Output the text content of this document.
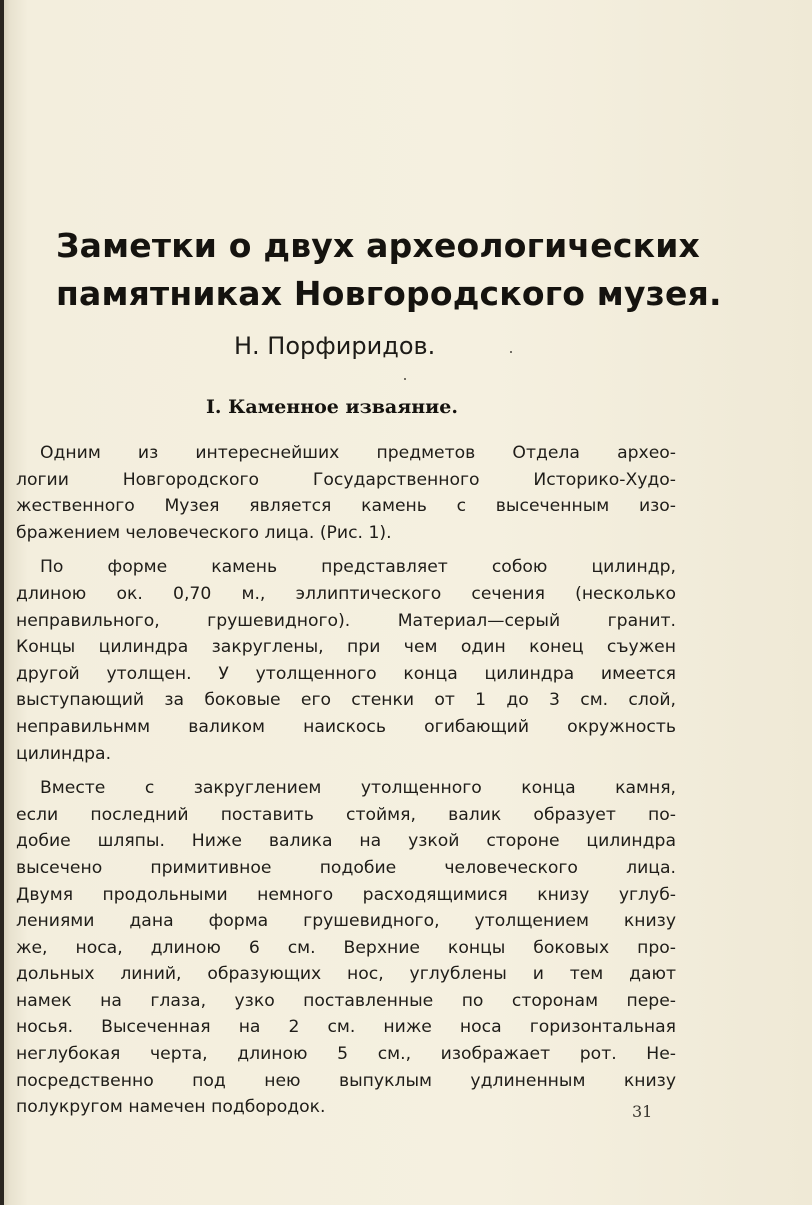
Заметки о двух археологических
памятниках Новгородского музея.
Н. Порфиридов.
I. Каменное изваяние.
Одним из интереснейших предметов Отдела архео-
логии Новгородского Государственного Историко-Худо-
жественного Музея является камень с высеченным изо-
бражением человеческого лица. (Рис. 1).
По форме камень представляет собою цилиндр,
длиною ок. 0,70 м., эллиптического сечения (несколько
неправильного, грушевидного). Материал—серый гранит.
Концы цилиндра закруглены, при чем один конец съужен
другой утолщен. У утолщенного конца цилиндра имеется
выступающий за боковые его стенки от 1 до 3 см. слой,
неправильнмм валиком наискось огибающий окружность
цилиндра.
Вместе с закруглением утолщенного конца камня,
если последний поставить стоймя, валик образует по-
добие шляпы. Ниже валика на узкой стороне цилиндра
высечено примитивное подобие человеческого лица.
Двумя продольными немного расходящимися книзу углуб-
лениями дана форма грушевидного, утолщением книзу
же, носа, длиною 6 см. Верхние концы боковых про-
дольных линий, образующих нос, углублены и тем дают
намек на глаза, узко поставленные по сторонам пере-
носья. Высеченная на 2 см. ниже носа горизонтальная
неглубокая черта, длиною 5 см., изображает рот. Не-
посредственно под нею выпуклым удлиненным книзу
полукругом намечен подбородок.	31
